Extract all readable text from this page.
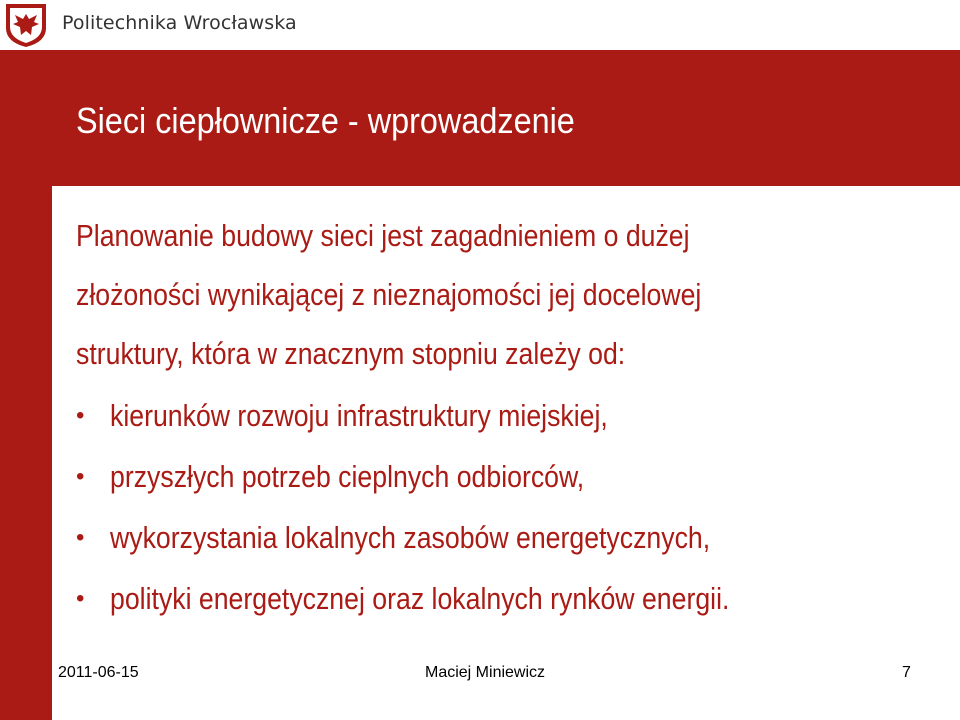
Politechnika Wrocławska
Sieci ciepłownicze - wprowadzenie

Planowanie budowy sieci jest zagadnieniem o dużej
złożoności wynikającej z nieznajomości jej docelowej
struktury, która w znacznym stopniu zależy od:

• kierunków rozwoju infrastruktury miejskiej,
• przyszłych potrzeb cieplnych odbiorców,
• wykorzystania lokalnych zasobów energetycznych,
• polityki energetycznej oraz lokalnych rynków energii.
2011-06-15	Maciej Miniewicz	7
